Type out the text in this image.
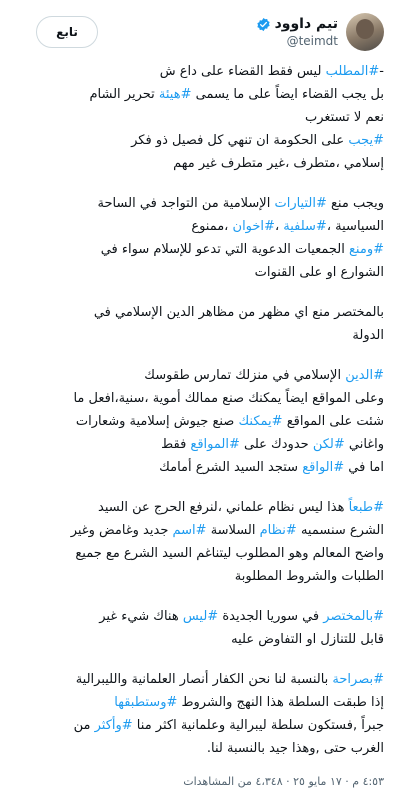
تابع	تيم داوود
@teimdt
-#المطلب ليس فقط القضاء على داع ش
بل يجب القضاء ايضاً على ما يسمى #هيئة تحرير الشام
نعم لا تستغرب
#يجب على الحكومة ان تنهي كل فصيل ذو فكر
إسلامي ،متطرف ،غير متطرف غير مهم
ويجب منع #التيارات الإسلامية من التواجد في الساحة
السياسية ،#سلفية ،#اخوان ،ممنوع
#ومنع الجمعيات الدعوية التي تدعو للإسلام سواء في
الشوارع او على القنوات
بالمختصر منع اي مظهر من مظاهر الدين الإسلامي في
الدولة
#الدين الإسلامي في منزلك تمارس طقوسك
وعلى المواقع ايضاً يمكنك صنع ممالك أموية ،سنية،افعل ما
شئت على المواقع #يمكنك صنع جيوش إسلامية وشعارات
واغاني #لكن حدودك على #المواقع فقط
اما في #الواقع ستجد السيد الشرع أمامك
#طبعاً هذا ليس نظام علماني ،لنرفع الحرج عن السيد
الشرع سنسميه #نظام السلاسة #اسم جديد وغامض وغير
واضح المعالم وهو المطلوب ليتناغم السيد الشرع مع جميع
الطلبات والشروط المطلوبة
#بالمختصر في سوريا الجديدة #ليس هناك شيء غير
قابل للتنازل او التفاوض عليه
#بصراحة بالنسبة لنا نحن الكفار أنصار العلمانية والليبرالية
إذا طبقت السلطة هذا النهج والشروط #وستطبقها
جبراً ,فستكون سلطة ليبرالية وعلمانية اكثر منا #وأكثر من
الغرب حتى ,وهذا جيد بالنسبة لنا.
٤:٥٣ م · ١٧ مايو ٢٥ · ٤،٣٤٨ من المشاهدات
